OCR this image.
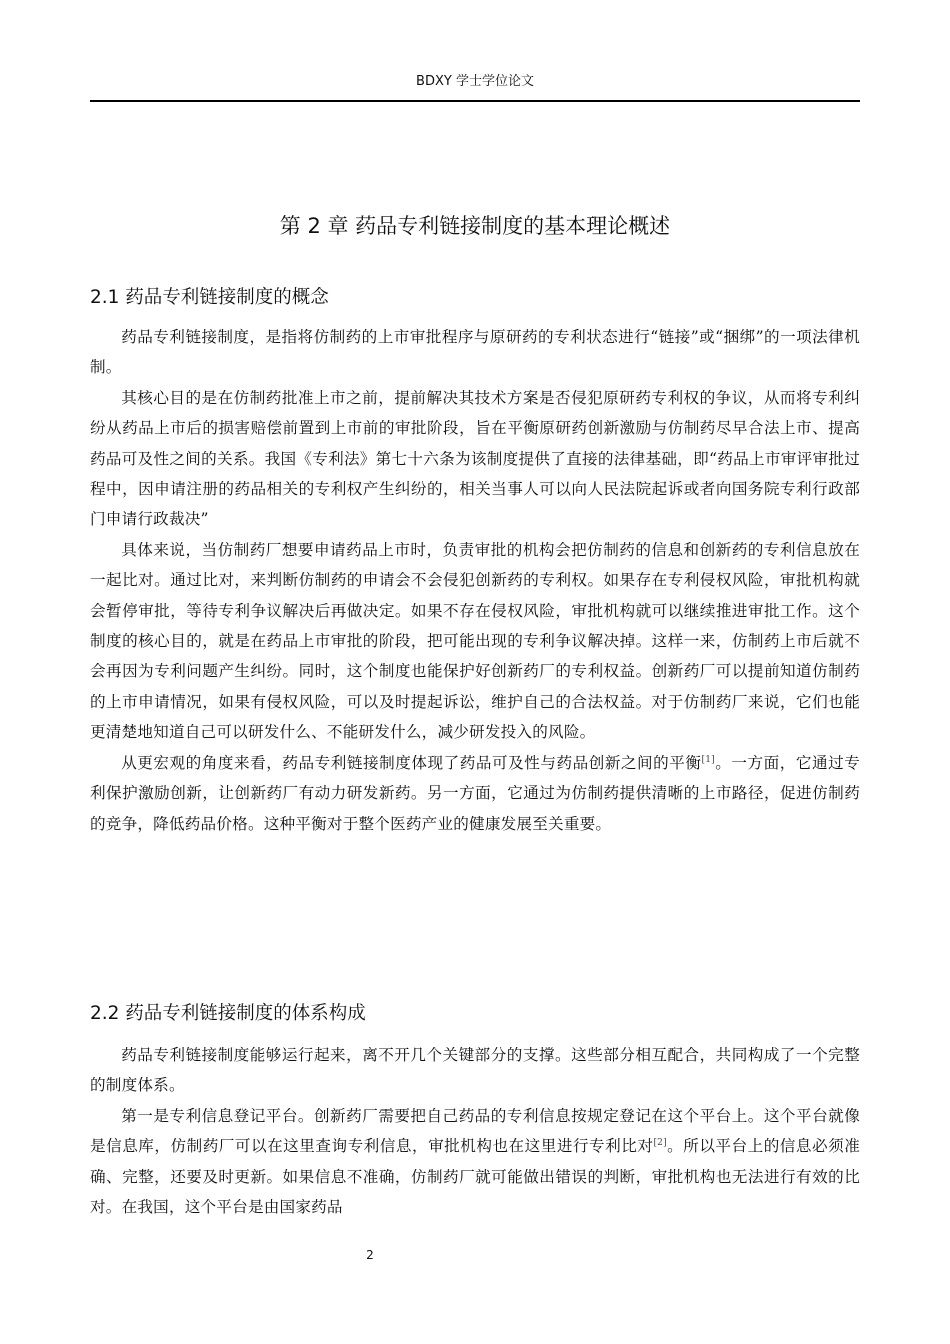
BDXY 学士学位论文
第 2 章 药品专利链接制度的基本理论概述
2.1 药品专利链接制度的概念

药品专利链接制度，是指将仿制药的上市审批程序与原研药的专利状态进行“链接”或“捆绑”的一项法律机制。

其核心目的是在仿制药批准上市之前，提前解决其技术方案是否侵犯原研药专利权的争议，从而将专利纠纷从药品上市后的损害赔偿前置到上市前的审批阶段，旨在平衡原研药创新激励与仿制药尽早合法上市、提高药品可及性之间的关系。我国《专利法》第七十六条为该制度提供了直接的法律基础，即“药品上市审评审批过程中，因申请注册的药品相关的专利权产生纠纷的，相关当事人可以向人民法院起诉或者向国务院专利行政部门申请行政裁决”

具体来说，当仿制药厂想要申请药品上市时，负责审批的机构会把仿制药的信息和创新药的专利信息放在一起比对。通过比对，来判断仿制药的申请会不会侵犯创新药的专利权。如果存在专利侵权风险，审批机构就会暂停审批，等待专利争议解决后再做决定。如果不存在侵权风险，审批机构就可以继续推进审批工作。这个制度的核心目的，就是在药品上市审批的阶段，把可能出现的专利争议解决掉。这样一来，仿制药上市后就不会再因为专利问题产生纠纷。同时，这个制度也能保护好创新药厂的专利权益。创新药厂可以提前知道仿制药的上市申请情况，如果有侵权风险，可以及时提起诉讼，维护自己的合法权益。对于仿制药厂来说，它们也能更清楚地知道自己可以研发什么、不能研发什么，减少研发投入的风险。

从更宏观的角度来看，药品专利链接制度体现了药品可及性与药品创新之间的平衡[1]。一方面，它通过专利保护激励创新，让创新药厂有动力研发新药。另一方面，它通过为仿制药提供清晰的上市路径，促进仿制药的竞争，降低药品价格。这种平衡对于整个医药产业的健康发展至关重要。

2.2 药品专利链接制度的体系构成

药品专利链接制度能够运行起来，离不开几个关键部分的支撑。这些部分相互配合，共同构成了一个完整的制度体系。

第一是专利信息登记平台。创新药厂需要把自己药品的专利信息按规定登记在这个平台上。这个平台就像是信息库，仿制药厂可以在这里查询专利信息，审批机构也在这里进行专利比对[2]。所以平台上的信息必须准确、完整，还要及时更新。如果信息不准确，仿制药厂就可能做出错误的判断，审批机构也无法进行有效的比对。在我国，这个平台是由国家药品

2
